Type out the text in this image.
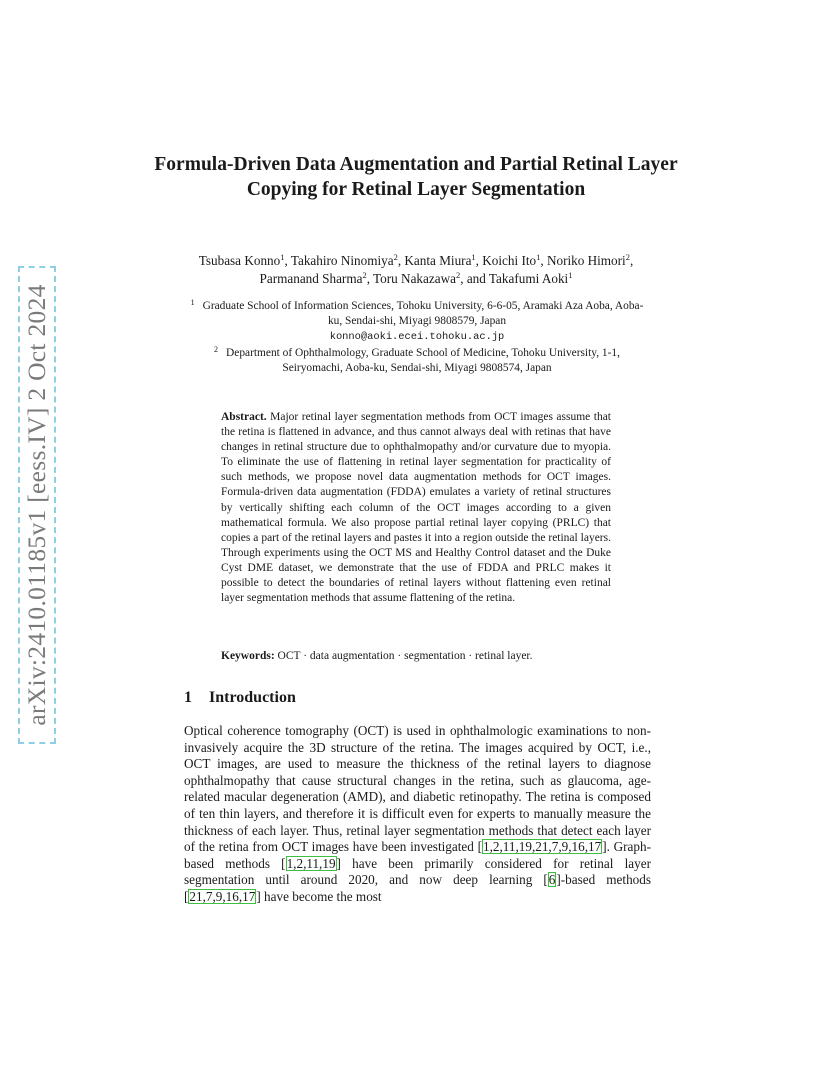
arXiv:2410.01185v1 [eess.IV] 2 Oct 2024
Formula-Driven Data Augmentation and Partial Retinal Layer Copying for Retinal Layer Segmentation

Tsubasa Konno$^1$, Takahiro Ninomiya$^2$, Kanta Miura$^1$, Koichi Ito$^1$, Noriko Himori$^2$, Parmanand Sharma$^2$, Toru Nakazawa$^2$, and Takafumi Aoki$^1$

$^1$ Graduate School of Information Sciences, Tohoku University, 6-6-05, Aramaki Aza Aoba, Aoba-ku, Sendai-shi, Miyagi 9808579, Japan

konno@aoki.ecei.tohoku.ac.jp

$^2$ Department of Ophthalmology, Graduate School of Medicine, Tohoku University, 1-1, Seiryomachi, Aoba-ku, Sendai-shi, Miyagi 9808574, Japan

Abstract. Major retinal layer segmentation methods from OCT images assume that the retina is flattened in advance, and thus cannot always deal with retinas that have changes in retinal structure due to ophthalmopathy and/or curvature due to myopia. To eliminate the use of flattening in retinal layer segmentation for practicality of such methods, we propose novel data augmentation methods for OCT images. Formula-driven data augmentation (FDDA) emulates a variety of retinal structures by vertically shifting each column of the OCT images according to a given mathematical formula. We also propose partial retinal layer copying (PRLC) that copies a part of the retinal layers and pastes it into a region outside the retinal layers. Through experiments using the OCT MS and Healthy Control dataset and the Duke Cyst DME dataset, we demonstrate that the use of FDDA and PRLC makes it possible to detect the boundaries of retinal layers without flattening even retinal layer segmentation methods that assume flattening of the retina.

Keywords: OCT · data augmentation · segmentation · retinal layer.

1 Introduction

Optical coherence tomography (OCT) is used in ophthalmologic examinations to non-invasively acquire the 3D structure of the retina. The images acquired by OCT, i.e., OCT images, are used to measure the thickness of the retinal layers to diagnose ophthalmopathy that cause structural changes in the retina, such as glaucoma, age-related macular degeneration (AMD), and diabetic retinopathy. The retina is composed of ten thin layers, and therefore it is difficult even for experts to manually measure the thickness of each layer. Thus, retinal layer segmentation methods that detect each layer of the retina from OCT images have been investigated [1,2,11,19,21,7,9,16,17]. Graph-based methods [1,2,11,19] have been primarily considered for retinal layer segmentation until around 2020, and now deep learning [6]-based methods [21,7,9,16,17] have become the most
